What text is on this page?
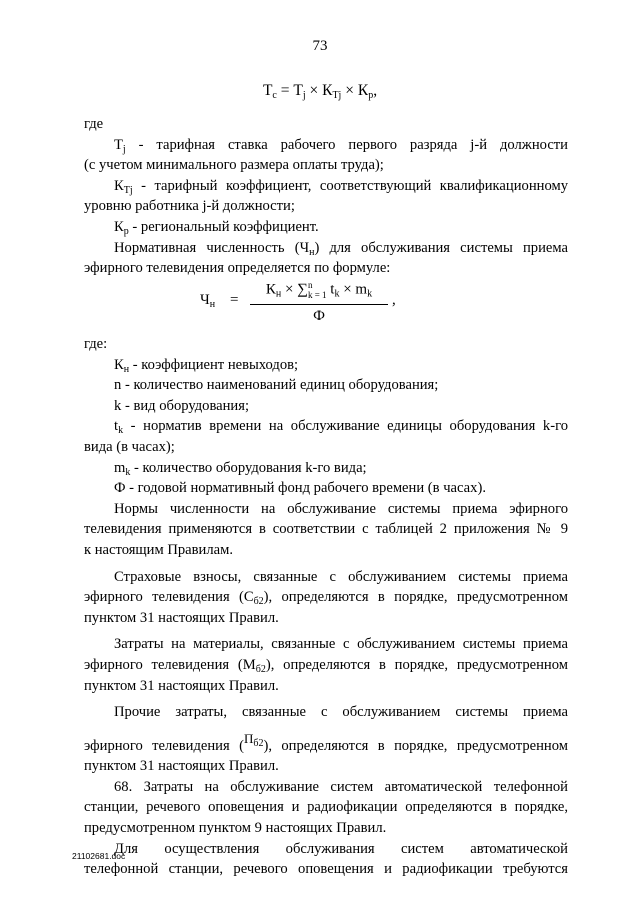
73
$Т_c = Т_j \times К_{Тj} \times К_р$,

где

$Т_j$ - тарифная ставка рабочего первого разряда j-й должности

(с учетом минимального размера оплаты труда);

$К_{Тj}$ - тарифный коэффициент, соответствующий квалификационному

уровню работника j-й должности;

$К_р$ - региональный коэффициент.

Нормативная численность $(Ч_н)$ для обслуживания системы приема

эфирного телевидения определяется по формуле:

$Ч_н$ =
$К_н$ × ∑ n
k = 1 $t_k \times m_k$
Ф
,

где:

$К_н$ - коэффициент невыходов;

n - количество наименований единиц оборудования;

k - вид оборудования;

$t_k$ - норматив времени на обслуживание единицы оборудования k-го

вида (в часах);

$m_k$ - количество оборудования k-го вида;

Ф - годовой нормативный фонд рабочего времени (в часах).

Нормы численности на обслуживание системы приема эфирного

телевидения применяются в соответствии с таблицей 2 приложения № 9

к настоящим Правилам.

Страховые взносы, связанные с обслуживанием системы приема

эфирного телевидения $(С_{б2})$, определяются в порядке, предусмотренном

пунктом 31 настоящих Правил.

Затраты на материалы, связанные с обслуживанием системы приема

эфирного телевидения $(М_{б2})$, определяются в порядке, предусмотренном

пунктом 31 настоящих Правил.

Прочие затраты, связанные с обслуживанием системы приема

эфирного телевидения $(П_{б2})$, определяются в порядке, предусмотренном

пунктом 31 настоящих Правил.

68. Затраты на обслуживание систем автоматической телефонной

станции, речевого оповещения и радиофикации определяются в порядке,

предусмотренном пунктом 9 настоящих Правил.

Для осуществления обслуживания систем автоматической

телефонной станции, речевого оповещения и радиофикации требуются

21102681.doc
